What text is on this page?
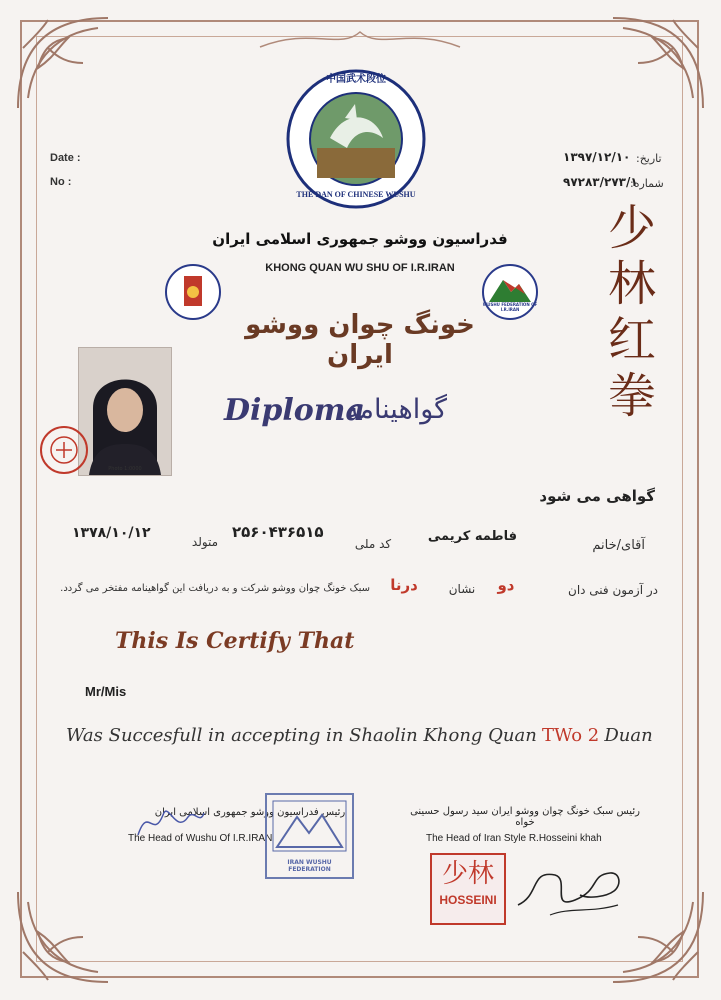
Date :
No :
۱۳۹۷/۱۲/۱۰ تاریخ:
۹۷۲۸۳/۲۷۳/۱
شماره:
中国武术段位
THE DAN OF CHINESE WUSHU
فدراسیون ووشو جمهوری اسلامی ایران
KHONG QUAN WU SHU OF I.R.IRAN
WUSHU FEDERATION OF I.R.IRAN
خونگ چوان ووشو ایران
Diploma
گواهینامه
少
林
红
拳
Photo 1:0000
گواهی می شود
آقای/خانم
فاطمه کریمی
کد ملی
۲۵۶۰۴۳۶۵۱۵
متولد
۱۳۷۸/۱۰/۱۲
در آزمون فنی دان
دو
نشان
درنا
سبک خونگ چوان ووشو شرکت و به دریافت این گواهینامه مفتخر می گردد.
This Is Certify That
Mr/Mis
Was Succesfull in accepting in Shaolin Khong Quan TWo 2 Duan
رئیس فدراسیون ووشو جمهوری اسلامی ایران
The Head of Wushu Of I.R.IRAN
IRAN WUSHU FEDERATION
رئیس سبک خونگ چوان ووشو ایران سید رسول حسینی خواه
The Head of Iran Style R.Hosseini khah
少林
HOSSEINI
